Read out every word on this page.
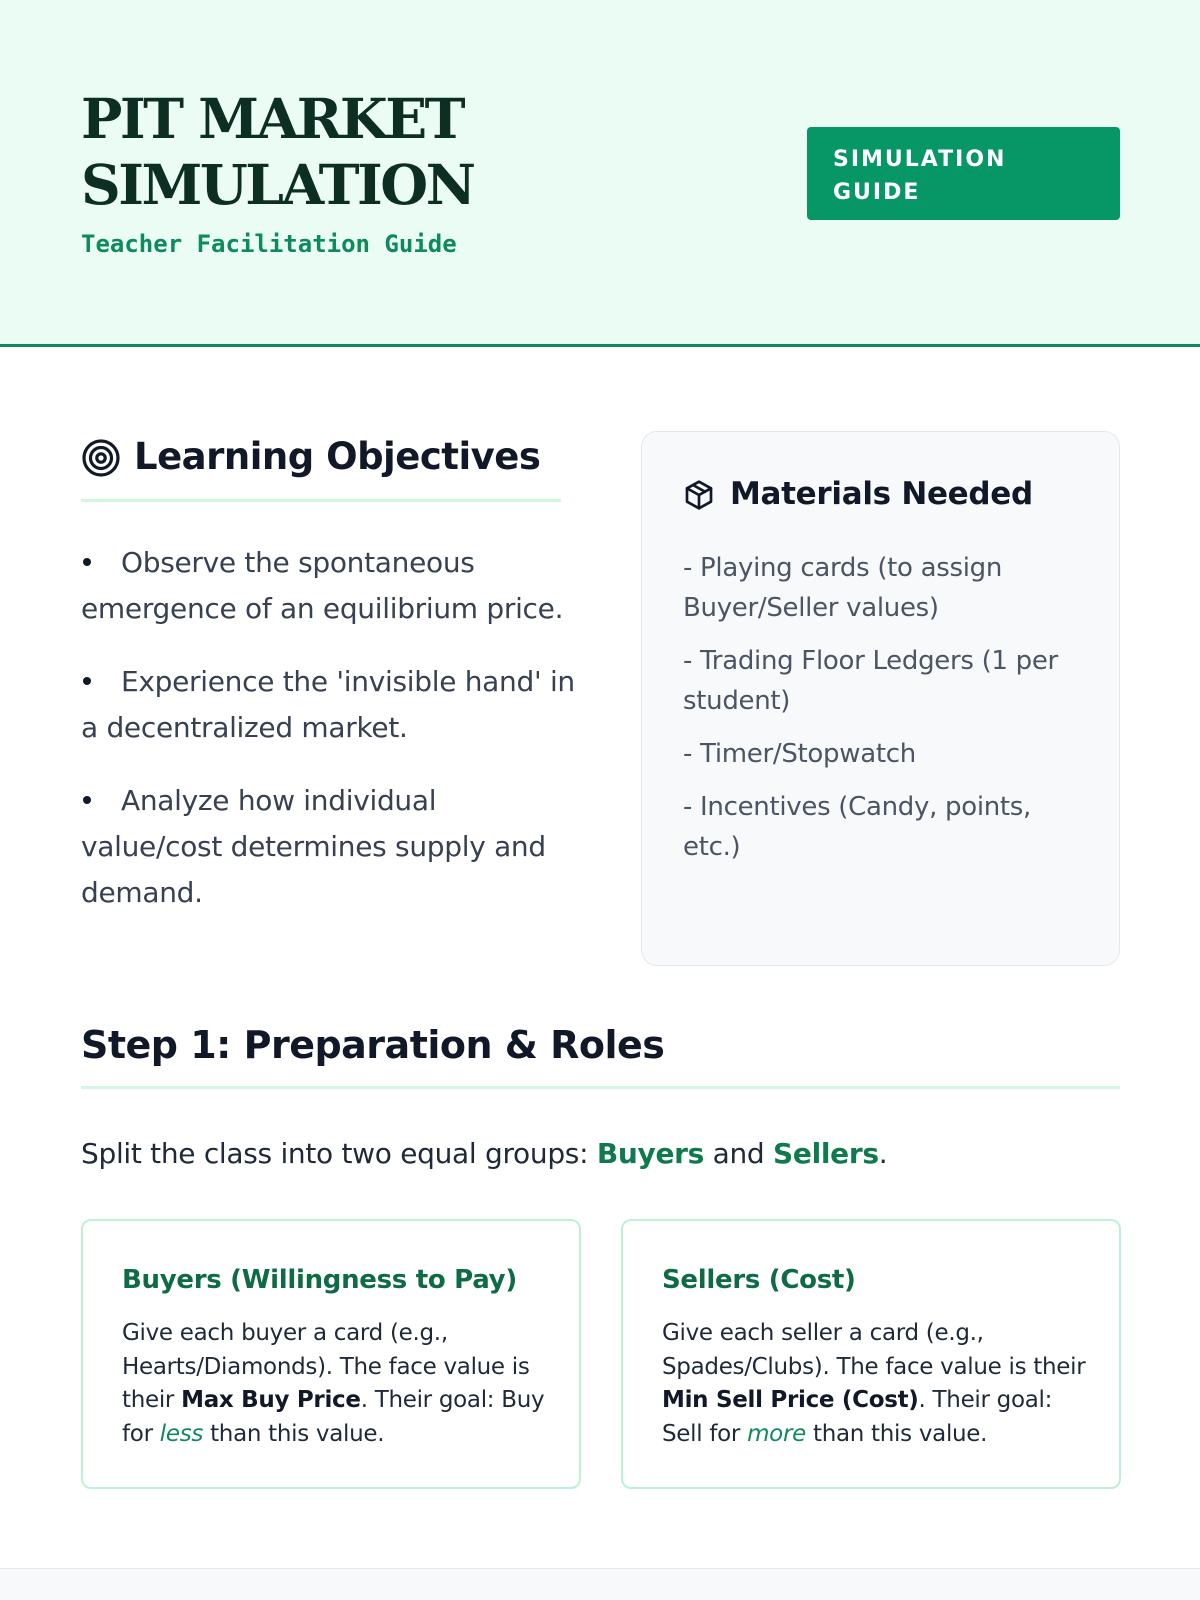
PIT MARKET
SIMULATION
Teacher Facilitation Guide
SIMULATION
GUIDE
Learning Objectives
Observe the spontaneous emergence of an equilibrium price.
Experience the 'invisible hand' in a decentralized market.
Analyze how individual value/cost determines supply and demand.
Materials Needed
- Playing cards (to assign Buyer/Seller values)
- Trading Floor Ledgers (1 per student)
- Timer/Stopwatch
- Incentives (Candy, points, etc.)
Step 1: Preparation & Roles

Split the class into two equal groups: Buyers and Sellers.

Buyers (Willingness to Pay)
Give each buyer a card (e.g., Hearts/Diamonds). The face value is their Max Buy Price. Their goal: Buy for less than this value.
Sellers (Cost)
Give each seller a card (e.g., Spades/Clubs). The face value is their Min Sell Price (Cost). Their goal: Sell for more than this value.
